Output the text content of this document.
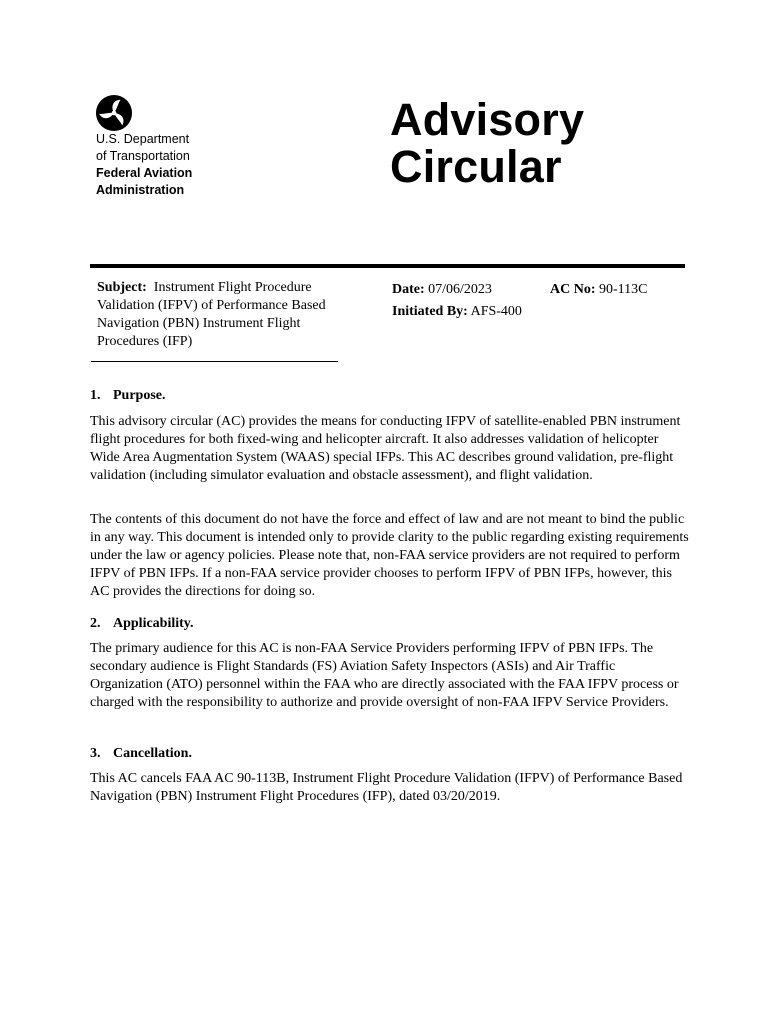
U.S. Department
of Transportation
Federal Aviation
Administration
Advisory
Circular
Subject: Instrument Flight Procedure Validation (IFPV) of Performance Based Navigation (PBN) Instrument Flight Procedures (IFP)
Date: 07/06/2023
Initiated By: AFS-400
AC No: 90-113C
1. Purpose.
This advisory circular (AC) provides the means for conducting IFPV of satellite-enabled PBN instrument flight procedures for both fixed-wing and helicopter aircraft. It also addresses validation of helicopter Wide Area Augmentation System (WAAS) special IFPs. This AC describes ground validation, pre-flight validation (including simulator evaluation and obstacle assessment), and flight validation.
The contents of this document do not have the force and effect of law and are not meant to bind the public in any way. This document is intended only to provide clarity to the public regarding existing requirements under the law or agency policies. Please note that, non-FAA service providers are not required to perform IFPV of PBN IFPs. If a non-FAA service provider chooses to perform IFPV of PBN IFPs, however, this AC provides the directions for doing so.
2. Applicability.
The primary audience for this AC is non-FAA Service Providers performing IFPV of PBN IFPs. The secondary audience is Flight Standards (FS) Aviation Safety Inspectors (ASIs) and Air Traffic Organization (ATO) personnel within the FAA who are directly associated with the FAA IFPV process or charged with the responsibility to authorize and provide oversight of non-FAA IFPV Service Providers.
3. Cancellation.
This AC cancels FAA AC 90-113B, Instrument Flight Procedure Validation (IFPV) of Performance Based Navigation (PBN) Instrument Flight Procedures (IFP), dated 03/20/2019.
